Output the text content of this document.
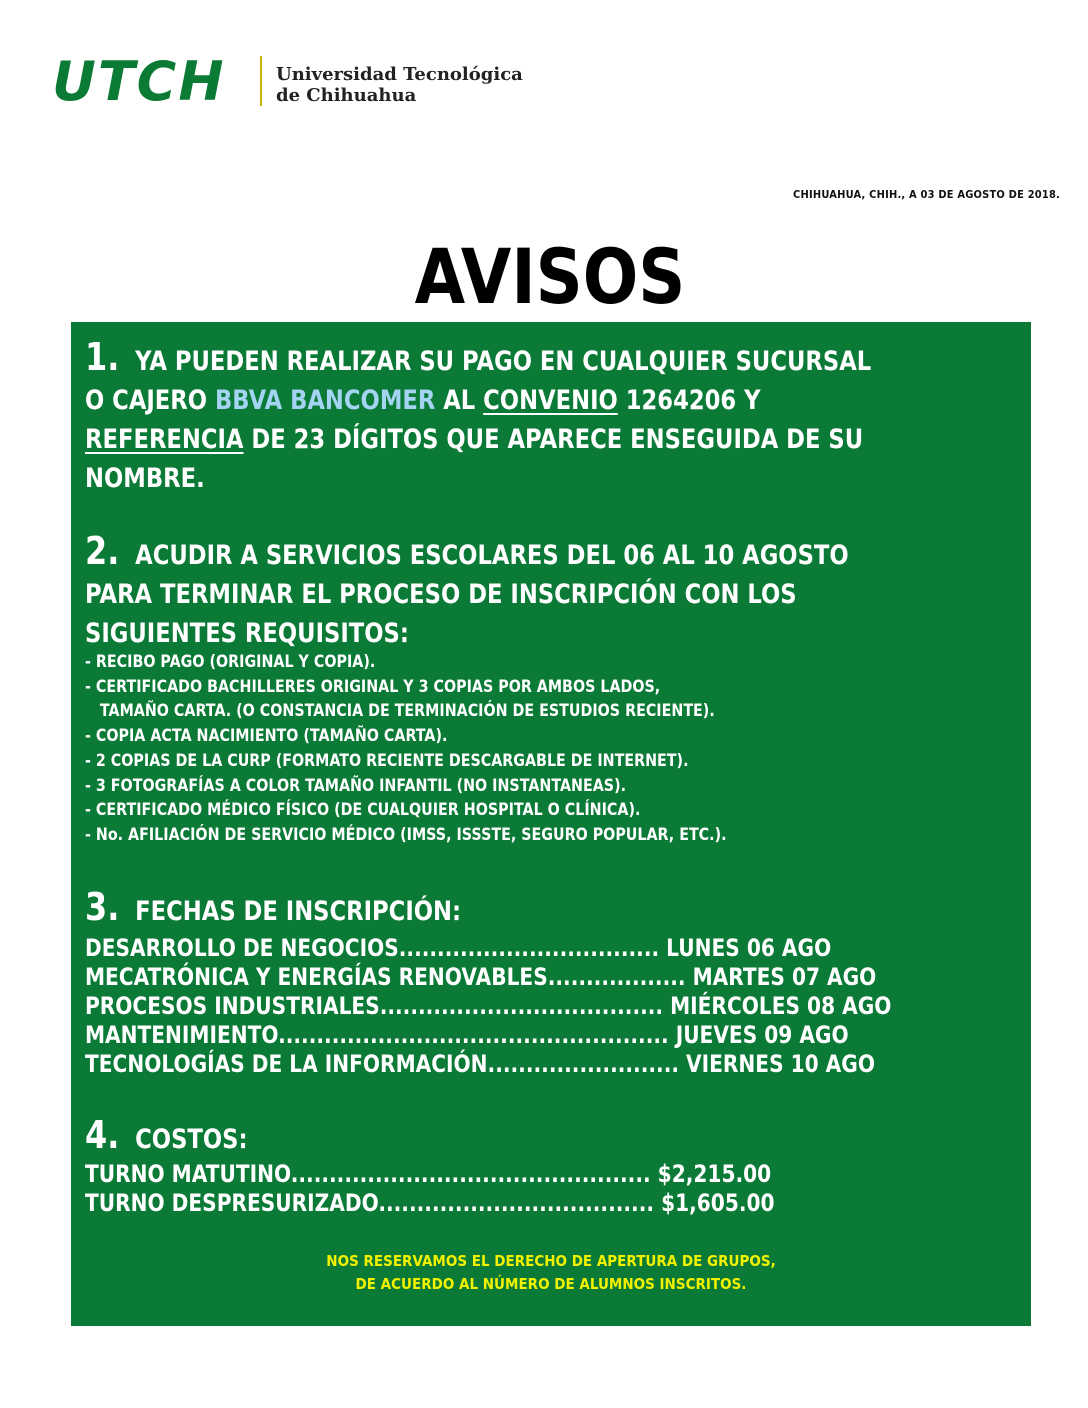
UTCH	Universidad Tecnológica
de Chihuahua
CHIHUAHUA, CHIH., A 03 DE AGOSTO DE 2018.
AVISOS
1. YA PUEDEN REALIZAR SU PAGO EN CUALQUIER SUCURSAL
O CAJERO BBVA BANCOMER AL CONVENIO 1264206 Y
REFERENCIA DE 23 DÍGITOS QUE APARECE ENSEGUIDA DE SU
NOMBRE.
2. ACUDIR A SERVICIOS ESCOLARES DEL 06 AL 10 AGOSTO
PARA TERMINAR EL PROCESO DE INSCRIPCIÓN CON LOS
SIGUIENTES REQUISITOS:
- RECIBO PAGO (ORIGINAL Y COPIA).
- CERTIFICADO BACHILLERES ORIGINAL Y 3 COPIAS POR AMBOS LADOS,
TAMAÑO CARTA. (O CONSTANCIA DE TERMINACIÓN DE ESTUDIOS RECIENTE).
- COPIA ACTA NACIMIENTO (TAMAÑO CARTA).
- 2 COPIAS DE LA CURP (FORMATO RECIENTE DESCARGABLE DE INTERNET).
- 3 FOTOGRAFÍAS A COLOR TAMAÑO INFANTIL (NO INSTANTANEAS).
- CERTIFICADO MÉDICO FÍSICO (DE CUALQUIER HOSPITAL O CLÍNICA).
- No. AFILIACIÓN DE SERVICIO MÉDICO (IMSS, ISSSTE, SEGURO POPULAR, ETC.).
3. FECHAS DE INSCRIPCIÓN:
DESARROLLO DE NEGOCIOS.................................. LUNES 06 AGO
MECATRÓNICA Y ENERGÍAS RENOVABLES.................. MARTES 07 AGO
PROCESOS INDUSTRIALES..................................... MIÉRCOLES 08 AGO
MANTENIMIENTO................................................... JUEVES 09 AGO
TECNOLOGÍAS DE LA INFORMACIÓN......................... VIERNES 10 AGO
4. COSTOS:
TURNO MATUTINO............................................... $2,215.00
TURNO DESPRESURIZADO.................................... $1,605.00
NOS RESERVAMOS EL DERECHO DE APERTURA DE GRUPOS,
DE ACUERDO AL NÚMERO DE ALUMNOS INSCRITOS.
